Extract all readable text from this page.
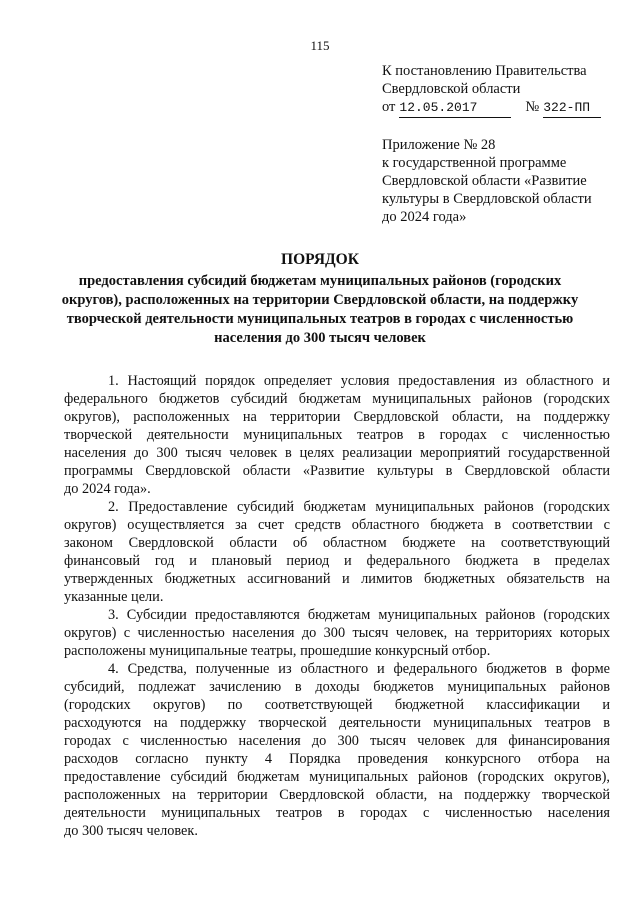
115
К постановлению Правительства
Свердловской области
от 12.05.2017	№ 322-ПП
Приложение № 28
к государственной программе
Свердловской области «Развитие
культуры в Свердловской области
до 2024 года»
ПОРЯДОК
предоставления субсидий бюджетам муниципальных районов (городских
округов), расположенных на территории Свердловской области, на поддержку
творческой деятельности муниципальных театров в городах с численностью
населения до 300 тысяч человек
1. Настоящий порядок определяет условия предоставления из областного и
федерального бюджетов субсидий бюджетам муниципальных районов (городских
округов), расположенных на территории Свердловской области, на поддержку
творческой деятельности муниципальных театров в городах с численностью
населения до 300 тысяч человек в целях реализации мероприятий государственной
программы Свердловской области «Развитие культуры в Свердловской области
до 2024 года».
2. Предоставление субсидий бюджетам муниципальных районов (городских
округов) осуществляется за счет средств областного бюджета в соответствии с
законом Свердловской области об областном бюджете на соответствующий
финансовый год и плановый период и федерального бюджета в пределах
утвержденных бюджетных ассигнований и лимитов бюджетных обязательств на
указанные цели.
3. Субсидии предоставляются бюджетам муниципальных районов (городских
округов) с численностью населения до 300 тысяч человек, на территориях которых
расположены муниципальные театры, прошедшие конкурсный отбор.
4. Средства, полученные из областного и федерального бюджетов в форме
субсидий, подлежат зачислению в доходы бюджетов муниципальных районов
(городских округов) по соответствующей бюджетной классификации и
расходуются на поддержку творческой деятельности муниципальных театров в
городах с численностью населения до 300 тысяч человек для финансирования
расходов согласно пункту 4 Порядка проведения конкурсного отбора на
предоставление субсидий бюджетам муниципальных районов (городских округов),
расположенных на территории Свердловской области, на поддержку творческой
деятельности муниципальных театров в городах с численностью населения
до 300 тысяч человек.
